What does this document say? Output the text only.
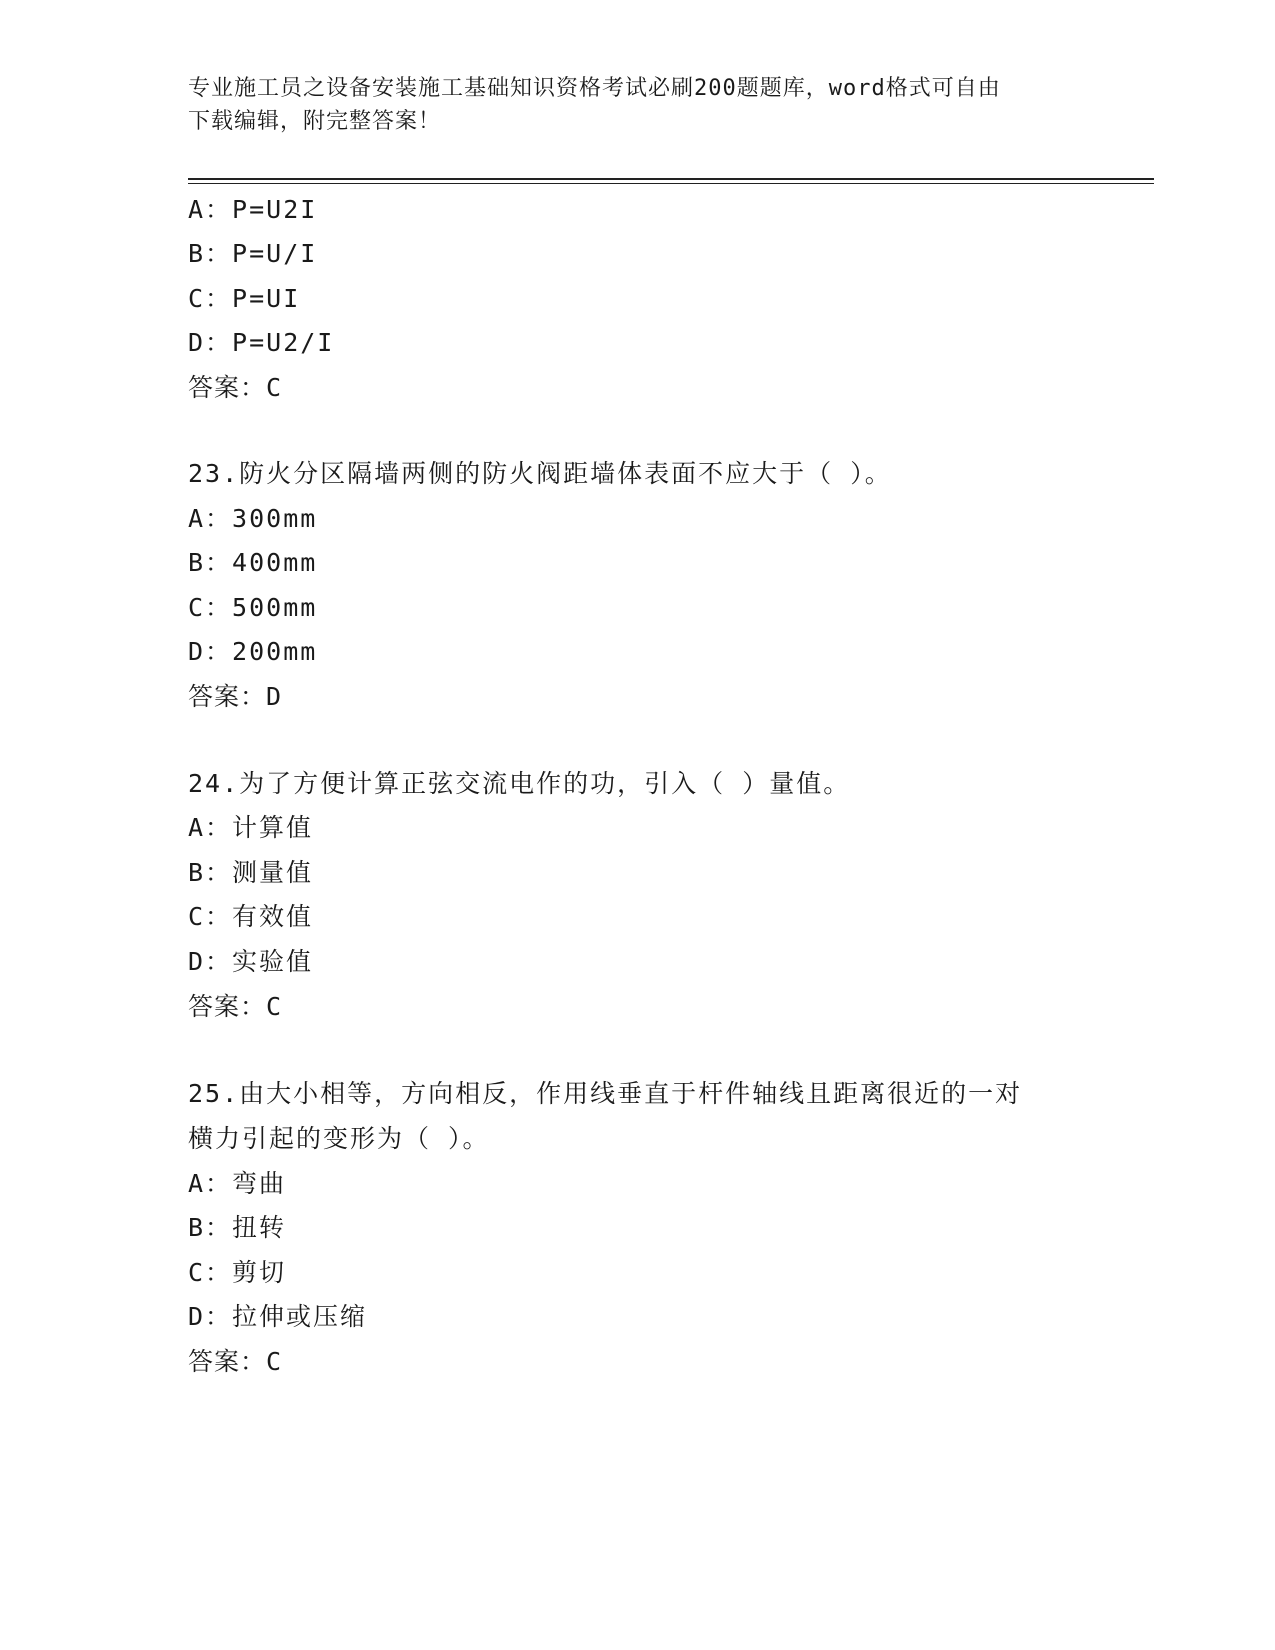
专业施工员之设备安装施工基础知识资格考试必刷200题题库，word格式可自由
下载编辑，附完整答案！
A：P=U2I
B：P=U/I
C：P=UI
D：P=U2/I
答案：C
23.防火分区隔墙两侧的防火阀距墙体表面不应大于（ ）。
A：300mm
B：400mm
C：500mm
D：200mm
答案：D
24.为了方便计算正弦交流电作的功，引入（ ）量值。
A：计算值
B：测量值
C：有效值
D：实验值
答案：C
25.由大小相等，方向相反，作用线垂直于杆件轴线且距离很近的一对
横力引起的变形为（ ）。
A：弯曲
B：扭转
C：剪切
D：拉伸或压缩
答案：C
